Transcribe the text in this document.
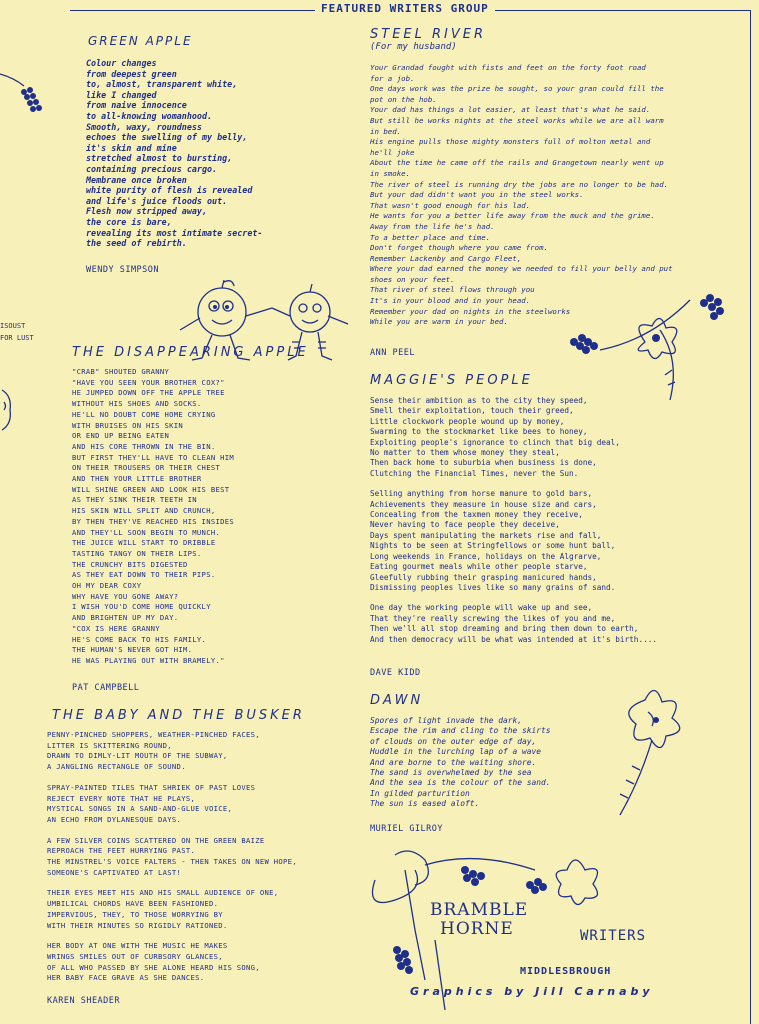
FEATURED WRITERS GROUP
ISOUST
FOR LUST

GREEN APPLE

Colour changes
from deepest green
to, almost, transparent white,
like I changed
from naive innocence
to all-knowing womanhood.
Smooth, waxy, roundness
echoes the swelling of my belly,
it's skin and mine
stretched almost to bursting,
containing precious cargo.
Membrane once broken
white purity of flesh is revealed
and life's juice floods out.
Flesh now stripped away,
the core is bare,
revealing its most intimate secret-
the seed of rebirth.

WENDY SIMPSON

THE DISAPPEARING APPLE

"CRAB" SHOUTED GRANNY
"HAVE YOU SEEN YOUR BROTHER COX?"
HE JUMPED DOWN OFF THE APPLE TREE
WITHOUT HIS SHOES AND SOCKS.
HE'LL NO DOUBT COME HOME CRYING
WITH BRUISES ON HIS SKIN
OR END UP BEING EATEN
AND HIS CORE THROWN IN THE BIN.
BUT FIRST THEY'LL HAVE TO CLEAN HIM
ON THEIR TROUSERS OR THEIR CHEST
AND THEN YOUR LITTLE BROTHER
WILL SHINE GREEN AND LOOK HIS BEST
AS THEY SINK THEIR TEETH IN
HIS SKIN WILL SPLIT AND CRUNCH,
BY THEN THEY'VE REACHED HIS INSIDES
AND THEY'LL SOON BEGIN TO MUNCH.
THE JUICE WILL START TO DRIBBLE
TASTING TANGY ON THEIR LIPS.
THE CRUNCHY BITS DIGESTED
AS THEY EAT DOWN TO THEIR PIPS.
OH MY DEAR COXY
WHY HAVE YOU GONE AWAY?
I WISH YOU'D COME HOME QUICKLY
AND BRIGHTEN UP MY DAY.
"COX IS HERE GRANNY
HE'S COME BACK TO HIS FAMILY.
THE HUMAN'S NEVER GOT HIM.
HE WAS PLAYING OUT WITH BRAMELY."

PAT CAMPBELL

THE BABY AND THE BUSKER

PENNY-PINCHED SHOPPERS, WEATHER-PINCHED FACES,
LITTER IS SKITTERING ROUND,
DRAWN TO DIMLY-LIT MOUTH OF THE SUBWAY,
A JANGLING RECTANGLE OF SOUND.

SPRAY-PAINTED TILES THAT SHRIEK OF PAST LOVES
REJECT EVERY NOTE THAT HE PLAYS,
MYSTICAL SONGS IN A SAND-AND-GLUE VOICE,
AN ECHO FROM DYLANESQUE DAYS.

A FEW SILVER COINS SCATTERED ON THE GREEN BAIZE
REPROACH THE FEET HURRYING PAST.
THE MINSTREL'S VOICE FALTERS - THEN TAKES ON NEW HOPE,
SOMEONE'S CAPTIVATED AT LAST!

THEIR EYES MEET HIS AND HIS SMALL AUDIENCE OF ONE,
UMBILICAL CHORDS HAVE BEEN FASHIONED.
IMPERVIOUS, THEY, TO THOSE WORRYING BY
WITH THEIR MINUTES SO RIGIDLY RATIONED.

HER BODY AT ONE WITH THE MUSIC HE MAKES
WRINGS SMILES OUT OF CURBSORY GLANCES,
OF ALL WHO PASSED BY SHE ALONE HEARD HIS SONG,
HER BABY FACE GRAVE AS SHE DANCES.

KAREN SHEADER

STEEL RIVER

(For my husband)

Your Grandad fought with fists and feet on the forty foot road
for a job.
One days work was the prize he sought, so your gran could fill the
pot on the hob.
Your dad has things a lot easier, at least that's what he said.
But still he works nights at the steel works while we are all warm
in bed.
His engine pulls those mighty monsters full of molton metal and
he'll joke
About the time he came off the rails and Grangetown nearly went up
in smoke.
The river of steel is running dry the jobs are no longer to be had.
But your dad didn't want you in the steel works.
That wasn't good enough for his lad.
He wants for you a better life away from the muck and the grime.
Away from the life he's had.
To a better place and time.
Don't forget though where you came from.
Remember Lackenby and Cargo Fleet,
Where your dad earned the money we needed to fill your belly and put
shoes on your feet.
That river of steel flows through you
It's in your blood and in your head.
Remember your dad on nights in the steelworks
While you are warm in your bed.

ANN PEEL

MAGGIE'S PEOPLE

Sense their ambition as to the city they speed,
Smell their exploitation, touch their greed,
Little clockwork people wound up by money,
Swarming to the stockmarket like bees to honey,
Exploiting people's ignorance to clinch that big deal,
No matter to them whose money they steal,
Then back home to suburbia when business is done,
Clutching the Financial Times, never the Sun.

Selling anything from horse manure to gold bars,
Achievements they measure in house size and cars,
Concealing from the taxmen money they receive,
Never having to face people they deceive,
Days spent manipulating the markets rise and fall,
Nights to be seen at Stringfellows or some hunt ball,
Long weekends in France, holidays on the Algrarve,
Eating gourmet meals while other people starve,
Gleefully rubbing their grasping manicured hands,
Dismissing peoples lives like so many grains of sand.

One day the working people will wake up and see,
That they're really screwing the likes of you and me,
Then we'll all stop dreaming and bring them down to earth,
And then democracy will be what was intended at it's birth....

DAVE KIDD

DAWN

Spores of light invade the dark,
Escape the rim and cling to the skirts
of clouds on the outer edge of day,
Huddle in the lurching lap of a wave
And are borne to the waiting shore.
The sand is overwhelmed by the sea
And the sea is the colour of the sand.
In gilded parturition
The sun is eased aloft.

MURIEL GILROY

BRAMBLE
HORNE	WRITERS
MIDDLESBROUGH
Graphics by Jill Carnaby
